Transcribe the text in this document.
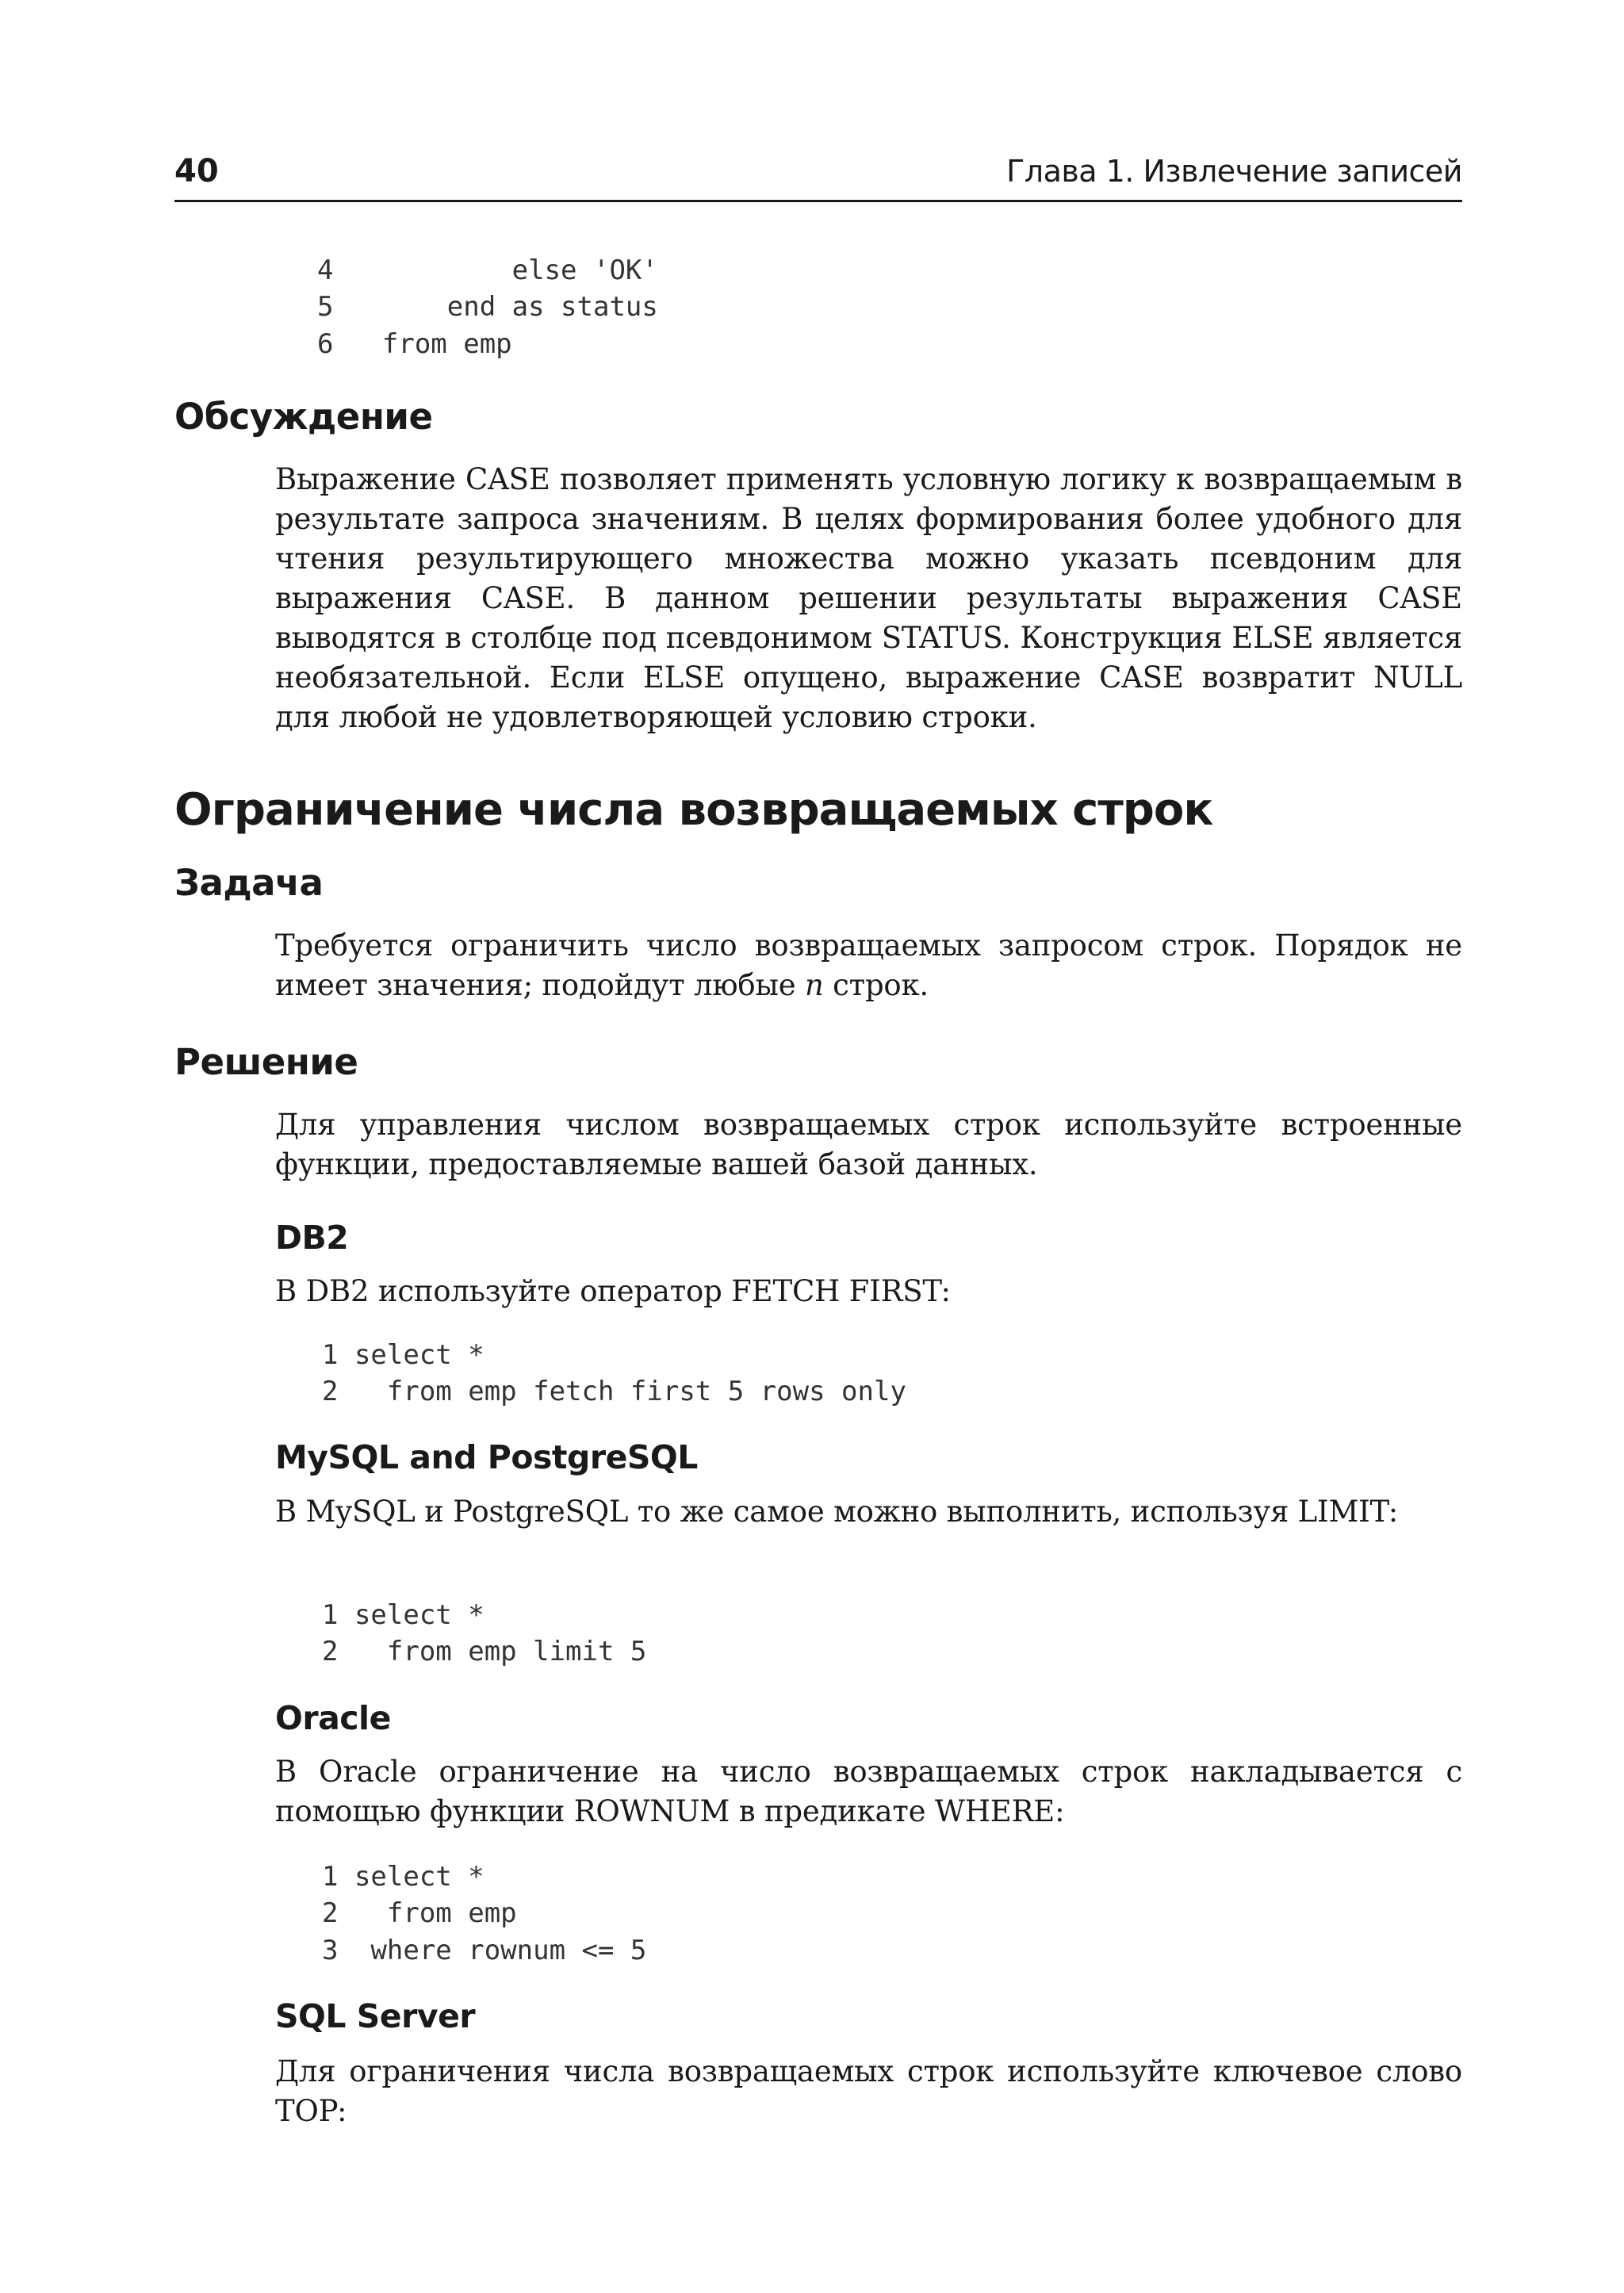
40	Глава 1. Извлечение записей
4           else 'OK'
5       end as status
6   from emp
Обсуждение

Выражение CASE позволяет применять условную логику к возвращаемым в результате запроса значениям. В целях формирования более удобного для чтения результирующего множества можно указать псевдоним для выражения CASE. В данном решении результаты выражения CASE выводятся в столбце под псевдонимом STATUS. Конструкция ELSE является необязательной. Если ELSE опущено, выражение CASE возвратит NULL для любой не удовлетворяющей условию строки.

Ограничение числа возвращаемых строк
Задача

Требуется ограничить число возвращаемых запросом строк. Порядок не имеет значения; подойдут любые n строк.

Решение

Для управления числом возвращаемых строк используйте встроенные функции, предоставляемые вашей базой данных.

DB2

В DB2 используйте оператор FETCH FIRST:

1 select *
2   from emp fetch first 5 rows only
MySQL and PostgreSQL

В MySQL и PostgreSQL то же самое можно выполнить, используя LIMIT:

1 select *
2   from emp limit 5
Oracle

В Oracle ограничение на число возвращаемых строк накладывается с помощью функции ROWNUM в предикате WHERE:

1 select *
2   from emp
3  where rownum <= 5
SQL Server

Для ограничения числа возвращаемых строк используйте ключевое слово TOP:
